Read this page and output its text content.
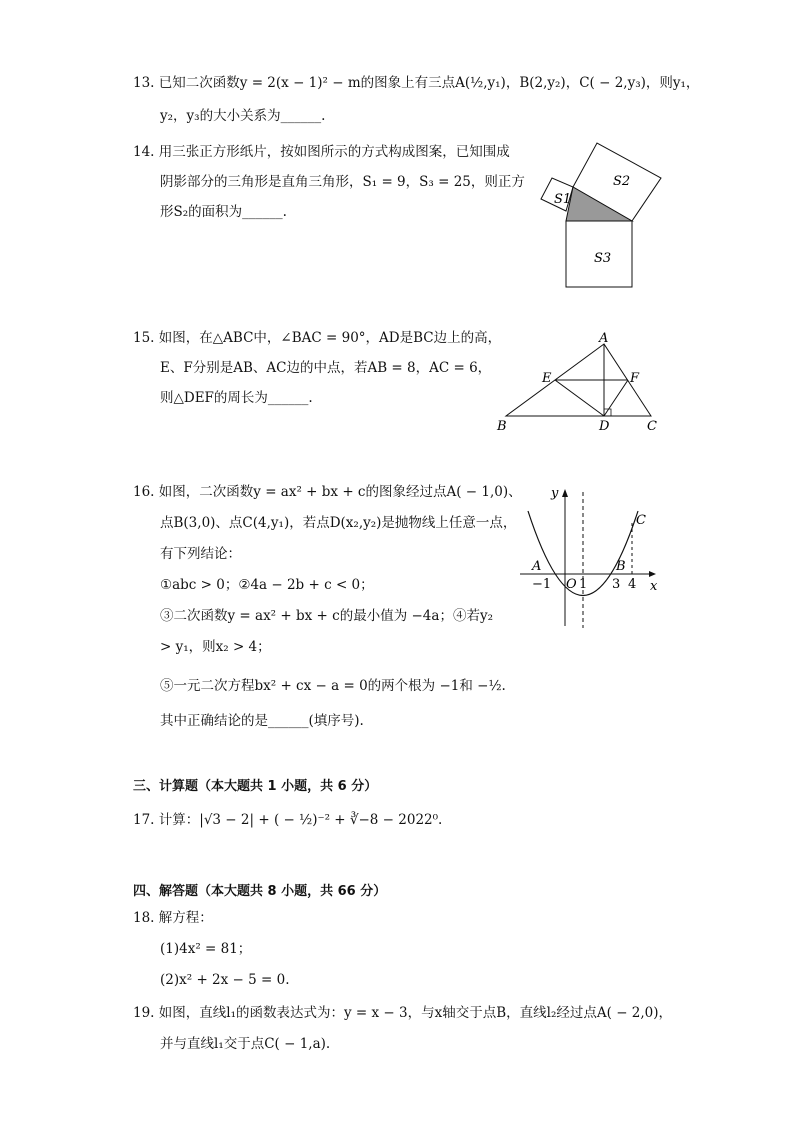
13. 已知二次函数y = 2(x − 1)² − m的图象上有三点A(½,y₁)，B(2,y₂)，C( − 2,y₃)，则y₁，
y₂，y₃的大小关系为______.
14. 用三张正方形纸片，按如图所示的方式构成图案，已知围成
阴影部分的三角形是直角三角形，S₁ = 9，S₃ = 25，则正方
形S₂的面积为______.
S1
S2
S3
15. 如图，在△ABC中，∠BAC = 90°，AD是BC边上的高，
E、F分别是AB、AC边的中点，若AB = 8，AC = 6，
则△DEF的周长为______.
A
B	C
D
E	F
16. 如图，二次函数y = ax² + bx + c的图象经过点A( − 1,0)、
点B(3,0)、点C(4,y₁)，若点D(x₂,y₂)是抛物线上任意一点，
有下列结论：
①abc > 0；②4a − 2b + c < 0；
③二次函数y = ax² + bx + c的最小值为 −4a；④若y₂
> y₁，则x₂ > 4；
⑤一元二次方程bx² + cx − a = 0的两个根为 −1和 −½.
其中正确结论的是______(填序号).
y
x
A	B
C
O
−1 1 3 4
三、计算题（本大题共 1 小题，共 6 分）
17. 计算：|√3 − 2| + ( − ½)⁻² + ∛−8 − 2022⁰.
四、解答题（本大题共 8 小题，共 66 分）
18. 解方程：
(1)4x² = 81；
(2)x² + 2x − 5 = 0.
19. 如图，直线l₁的函数表达式为：y = x − 3，与x轴交于点B，直线l₂经过点A( − 2,0)，
并与直线l₁交于点C( − 1,a).
